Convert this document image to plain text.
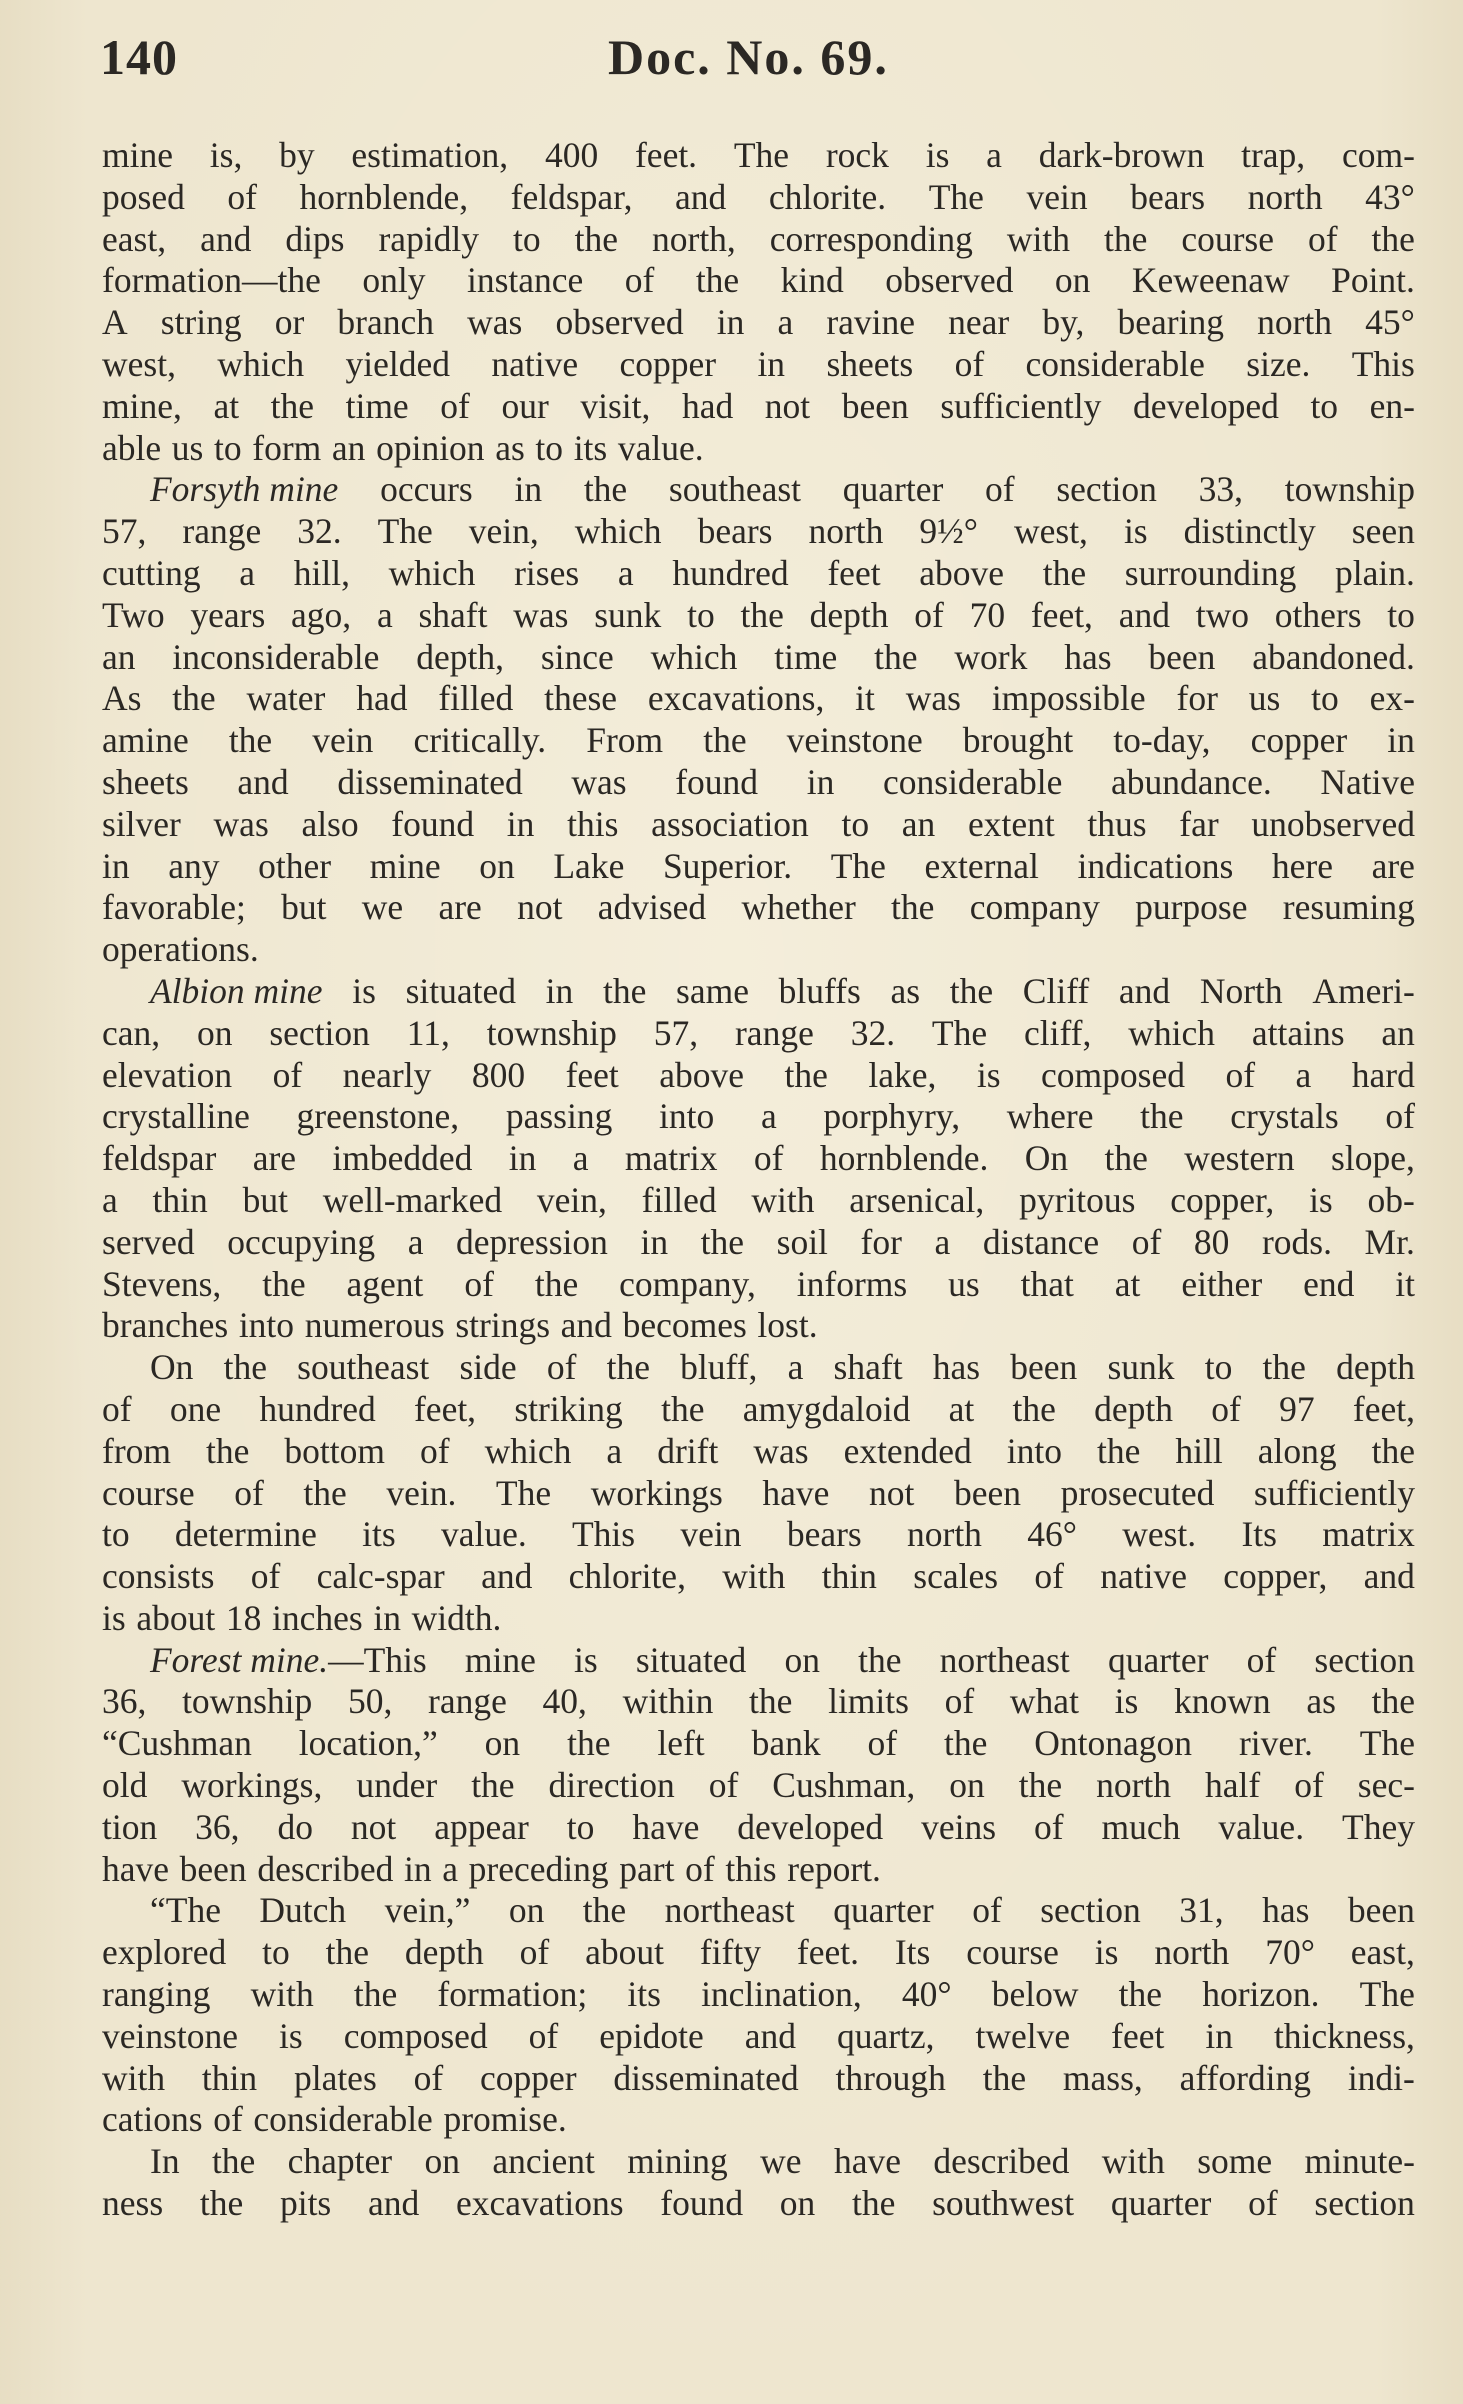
140	Doc. No. 69.
mine is, by estimation, 400 feet. The rock is a dark-brown trap, com-
posed of hornblende, feldspar, and chlorite. The vein bears north 43°
east, and dips rapidly to the north, corresponding with the course of the
formation—the only instance of the kind observed on Keweenaw Point.
A string or branch was observed in a ravine near by, bearing north 45°
west, which yielded native copper in sheets of considerable size. This
mine, at the time of our visit, had not been sufficiently developed to en-
able us to form an opinion as to its value.
Forsyth mine occurs in the southeast quarter of section 33, township
57, range 32. The vein, which bears north 9½° west, is distinctly seen
cutting a hill, which rises a hundred feet above the surrounding plain.
Two years ago, a shaft was sunk to the depth of 70 feet, and two others to
an inconsiderable depth, since which time the work has been abandoned.
As the water had filled these excavations, it was impossible for us to ex-
amine the vein critically. From the veinstone brought to-day, copper in
sheets and disseminated was found in considerable abundance. Native
silver was also found in this association to an extent thus far unobserved
in any other mine on Lake Superior. The external indications here are
favorable; but we are not advised whether the company purpose resuming
operations.
Albion mine is situated in the same bluffs as the Cliff and North Ameri-
can, on section 11, township 57, range 32. The cliff, which attains an
elevation of nearly 800 feet above the lake, is composed of a hard
crystalline greenstone, passing into a porphyry, where the crystals of
feldspar are imbedded in a matrix of hornblende. On the western slope,
a thin but well-marked vein, filled with arsenical, pyritous copper, is ob-
served occupying a depression in the soil for a distance of 80 rods. Mr.
Stevens, the agent of the company, informs us that at either end it
branches into numerous strings and becomes lost.
On the southeast side of the bluff, a shaft has been sunk to the depth
of one hundred feet, striking the amygdaloid at the depth of 97 feet,
from the bottom of which a drift was extended into the hill along the
course of the vein. The workings have not been prosecuted sufficiently
to determine its value. This vein bears north 46° west. Its matrix
consists of calc-spar and chlorite, with thin scales of native copper, and
is about 18 inches in width.
Forest mine.—This mine is situated on the northeast quarter of section
36, township 50, range 40, within the limits of what is known as the
“Cushman location,” on the left bank of the Ontonagon river. The
old workings, under the direction of Cushman, on the north half of sec-
tion 36, do not appear to have developed veins of much value. They
have been described in a preceding part of this report.
“The Dutch vein,” on the northeast quarter of section 31, has been
explored to the depth of about fifty feet. Its course is north 70° east,
ranging with the formation; its inclination, 40° below the horizon. The
veinstone is composed of epidote and quartz, twelve feet in thickness,
with thin plates of copper disseminated through the mass, affording indi-
cations of considerable promise.
In the chapter on ancient mining we have described with some minute-
ness the pits and excavations found on the southwest quarter of section
